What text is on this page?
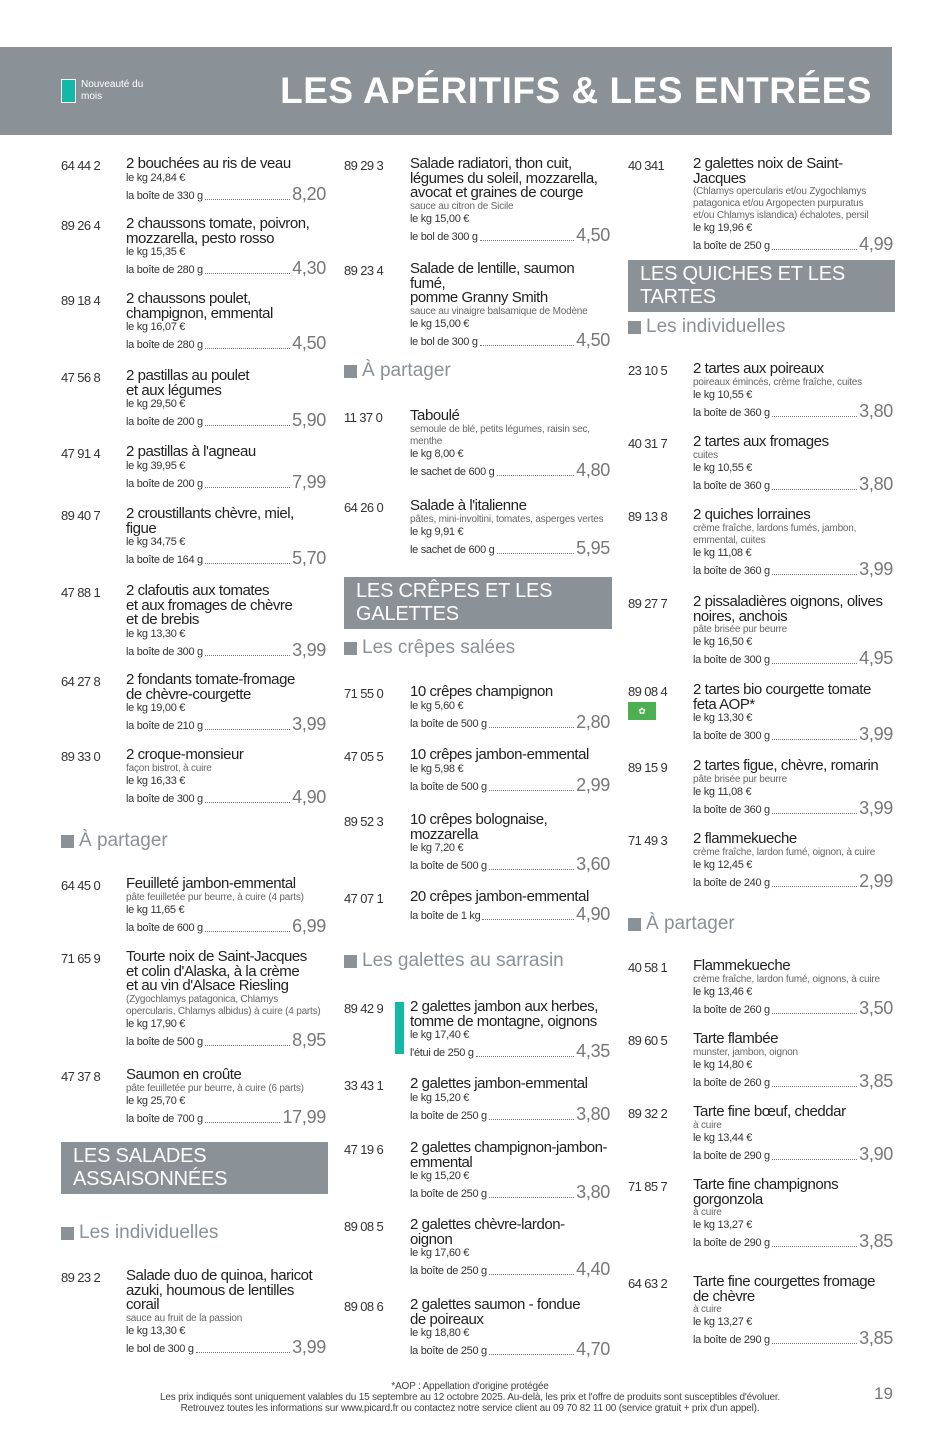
Nouveauté du mois	LES APÉRITIFS & LES ENTRÉES
64 44 2 2 bouchées au ris de veau
le kg 24,84 €
la boîte de 330 g	8,20
89 26 4 2 chaussons tomate, poivron,
mozzarella, pesto rosso
le kg 15,35 €
la boîte de 280 g	4,30
89 18 4 2 chaussons poulet,
champignon, emmental
le kg 16,07 €
la boîte de 280 g	4,50
47 56 8 2 pastillas au poulet
et aux légumes
le kg 29,50 €
la boîte de 200 g	5,90
47 91 4 2 pastillas à l'agneau
le kg 39,95 €
la boîte de 200 g	7,99
89 40 7 2 croustillants chèvre, miel,
figue
le kg 34,75 €
la boîte de 164 g	5,70
47 88 1 2 clafoutis aux tomates
et aux fromages de chèvre
et de brebis
le kg 13,30 €
la boîte de 300 g	3,99
64 27 8 2 fondants tomate-fromage
de chèvre-courgette
le kg 19,00 €
la boîte de 210 g	3,99
89 33 0 2 croque-monsieur
façon bistrot, à cuire
le kg 16,33 €
la boîte de 300 g	4,90
À partager
64 45 0 Feuilleté jambon-emmental
pâte feuilletée pur beurre, à cuire (4 parts)
le kg 11,65 €
la boîte de 600 g	6,99
71 65 9 Tourte noix de Saint-Jacques
et colin d'Alaska, à la crème
et au vin d'Alsace Riesling
(Zygochlamys patagonica, Chlamys
opercularis, Chlamys albidus) à cuire (4 parts)
le kg 17,90 €
la boîte de 500 g	8,95
47 37 8 Saumon en croûte
pâte feuilletée pur beurre, à cuire (6 parts)
le kg 25,70 €
la boîte de 700 g	17,99
LES SALADES ASSAISONNÉES
Les individuelles
89 23 2 Salade duo de quinoa, haricot
azuki, houmous de lentilles
corail
sauce au fruit de la passion
le kg 13,30 €
le bol de 300 g	3,99
89 29 3 Salade radiatori, thon cuit,
légumes du soleil, mozzarella,
avocat et graines de courge
sauce au citron de Sicile
le kg 15,00 €
le bol de 300 g	4,50
89 23 4 Salade de lentille, saumon fumé,
pomme Granny Smith
sauce au vinaigre balsamique de Modène
le kg 15,00 €
le bol de 300 g	4,50
À partager
11 37 0 Taboulé
semoule de blé, petits légumes, raisin sec,
menthe
le kg 8,00 €
le sachet de 600 g	4,80
64 26 0 Salade à l'italienne
pâtes, mini-involtini, tomates, asperges vertes
le kg 9,91 €
le sachet de 600 g	5,95
LES CRÊPES ET LES GALETTES
Les crêpes salées
71 55 0 10 crêpes champignon
le kg 5,60 €
la boîte de 500 g	2,80
47 05 5 10 crêpes jambon-emmental
le kg 5,98 €
la boîte de 500 g	2,99
89 52 3 10 crêpes bolognaise,
mozzarella
le kg 7,20 €
la boîte de 500 g	3,60
47 07 1 20 crêpes jambon-emmental
la boîte de 1 kg	4,90
Les galettes au sarrasin
89 42 9 2 galettes jambon aux herbes,
tomme de montagne, oignons
le kg 17,40 €
l'étui de 250 g	4,35
33 43 1 2 galettes jambon-emmental
le kg 15,20 €
la boîte de 250 g	3,80
47 19 6 2 galettes champignon-jambon-
emmental
le kg 15,20 €
la boîte de 250 g	3,80
89 08 5 2 galettes chèvre-lardon-
oignon
le kg 17,60 €
la boîte de 250 g	4,40
89 08 6 2 galettes saumon - fondue
de poireaux
le kg 18,80 €
la boîte de 250 g	4,70
40 341 2 galettes noix de Saint-Jacques
(Chlamys opercularis et/ou Zygochlamys
patagonica et/ou Argopecten purpuratus
et/ou Chlamys islandica) échalotes, persil
le kg 19,96 €
la boîte de 250 g	4,99
LES QUICHES ET LES TARTES
Les individuelles
23 10 5 2 tartes aux poireaux
poireaux émincés, crème fraîche, cuites
le kg 10,55 €
la boîte de 360 g	3,80
40 31 7 2 tartes aux fromages
cuites
le kg 10,55 €
la boîte de 360 g	3,80
89 13 8 2 quiches lorraines
crème fraîche, lardons fumés, jambon,
emmental, cuites
le kg 11,08 €
la boîte de 360 g	3,99
89 27 7 2 pissaladières oignons, olives
noires, anchois
pâte brisée pur beurre
le kg 16,50 €
la boîte de 300 g	4,95
89 08 4
✿
2 tartes bio courgette tomate
feta AOP*
le kg 13,30 €
la boîte de 300 g	3,99
89 15 9 2 tartes figue, chèvre, romarin
pâte brisée pur beurre
le kg 11,08 €
la boîte de 360 g	3,99
71 49 3 2 flammekueche
crème fraîche, lardon fumé, oignon, à cuire
le kg 12,45 €
la boîte de 240 g	2,99
À partager
40 58 1 Flammekueche
crème fraîche, lardon fumé, oignons, à cuire
le kg 13,46 €
la boîte de 260 g	3,50
89 60 5 Tarte flambée
munster, jambon, oignon
le kg 14,80 €
la boîte de 260 g	3,85
89 32 2 Tarte fine bœuf, cheddar
à cuire
le kg 13,44 €
la boîte de 290 g	3,90
71 85 7 Tarte fine champignons
gorgonzola
à cuire
le kg 13,27 €
la boîte de 290 g	3,85
64 63 2 Tarte fine courgettes fromage
de chèvre
à cuire
le kg 13,27 €
la boîte de 290 g	3,85
*AOP : Appellation d'origine protégée
Les prix indiqués sont uniquement valables du 15 septembre au 12 octobre 2025. Au-delà, les prix et l'offre de produits sont susceptibles d'évoluer.
Retrouvez toutes les informations sur www.picard.fr ou contactez notre service client au 09 70 82 11 00 (service gratuit + prix d'un appel).
19
